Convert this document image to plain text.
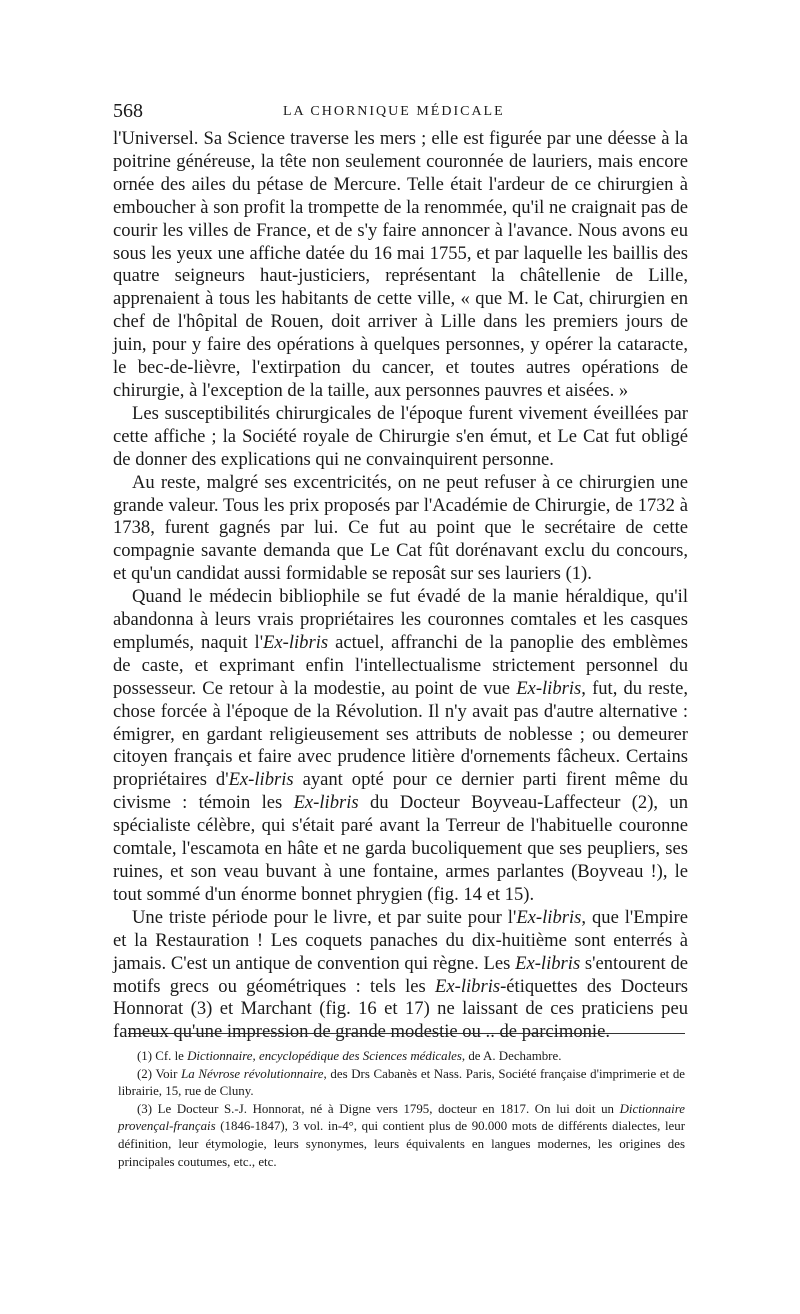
568	LA CHORNIQUE MÉDICALE

l'Universel. Sa Science traverse les mers ; elle est figurée par une déesse à la poitrine généreuse, la tête non seulement couronnée de lauriers, mais encore ornée des ailes du pétase de Mercure. Telle était l'ardeur de ce chirurgien à emboucher à son profit la trompette de la renommée, qu'il ne craignait pas de courir les villes de France, et de s'y faire annoncer à l'avance. Nous avons eu sous les yeux une affiche datée du 16 mai 1755, et par laquelle les baillis des quatre seigneurs haut-justiciers, représentant la châtellenie de Lille, apprenaient à tous les habitants de cette ville, « que M. le Cat, chirurgien en chef de l'hôpital de Rouen, doit arriver à Lille dans les premiers jours de juin, pour y faire des opérations à quelques personnes, y opérer la cataracte, le bec-de-lièvre, l'extirpation du cancer, et toutes autres opérations de chirurgie, à l'exception de la taille, aux personnes pauvres et aisées. »

Les susceptibilités chirurgicales de l'époque furent vivement éveillées par cette affiche ; la Société royale de Chirurgie s'en émut, et Le Cat fut obligé de donner des explications qui ne convainquirent personne.

Au reste, malgré ses excentricités, on ne peut refuser à ce chirurgien une grande valeur. Tous les prix proposés par l'Académie de Chirurgie, de 1732 à 1738, furent gagnés par lui. Ce fut au point que le secrétaire de cette compagnie savante demanda que Le Cat fût dorénavant exclu du concours, et qu'un candidat aussi formidable se reposât sur ses lauriers (1).

Quand le médecin bibliophile se fut évadé de la manie héraldique, qu'il abandonna à leurs vrais propriétaires les couronnes comtales et les casques emplumés, naquit l'Ex-libris actuel, affranchi de la panoplie des emblèmes de caste, et exprimant enfin l'intellectualisme strictement personnel du possesseur. Ce retour à la modestie, au point de vue Ex-libris, fut, du reste, chose forcée à l'époque de la Révolution. Il n'y avait pas d'autre alternative : émigrer, en gardant religieusement ses attributs de noblesse ; ou demeurer citoyen français et faire avec prudence litière d'ornements fâcheux. Certains propriétaires d'Ex-libris ayant opté pour ce dernier parti firent même du civisme : témoin les Ex-libris du Docteur Boyveau-Laffecteur (2), un spécialiste célèbre, qui s'était paré avant la Terreur de l'habituelle couronne comtale, l'escamota en hâte et ne garda bucoliquement que ses peupliers, ses ruines, et son veau buvant à une fontaine, armes parlantes (Boyveau !), le tout sommé d'un énorme bonnet phrygien (fig. 14 et 15).

Une triste période pour le livre, et par suite pour l'Ex-libris, que l'Empire et la Restauration ! Les coquets panaches du dix-huitième sont enterrés à jamais. C'est un antique de convention qui règne. Les Ex-libris s'entourent de motifs grecs ou géométriques : tels les Ex-libris-étiquettes des Docteurs Honnorat (3) et Marchant (fig. 16 et 17) ne laissant de ces praticiens peu fameux qu'une impression de grande modestie ou .. de parcimonie.

(1) Cf. le Dictionnaire, encyclopédique des Sciences médicales, de A. Dechambre.

(2) Voir La Névrose révolutionnaire, des Drs Cabanès et Nass. Paris, Société française d'imprimerie et de librairie, 15, rue de Cluny.

(3) Le Docteur S.-J. Honnorat, né à Digne vers 1795, docteur en 1817. On lui doit un Dictionnaire provençal-français (1846-1847), 3 vol. in-4°, qui contient plus de 90.000 mots de différents dialectes, leur définition, leur étymologie, leurs synonymes, leurs équivalents en langues modernes, les origines des principales coutumes, etc., etc.
